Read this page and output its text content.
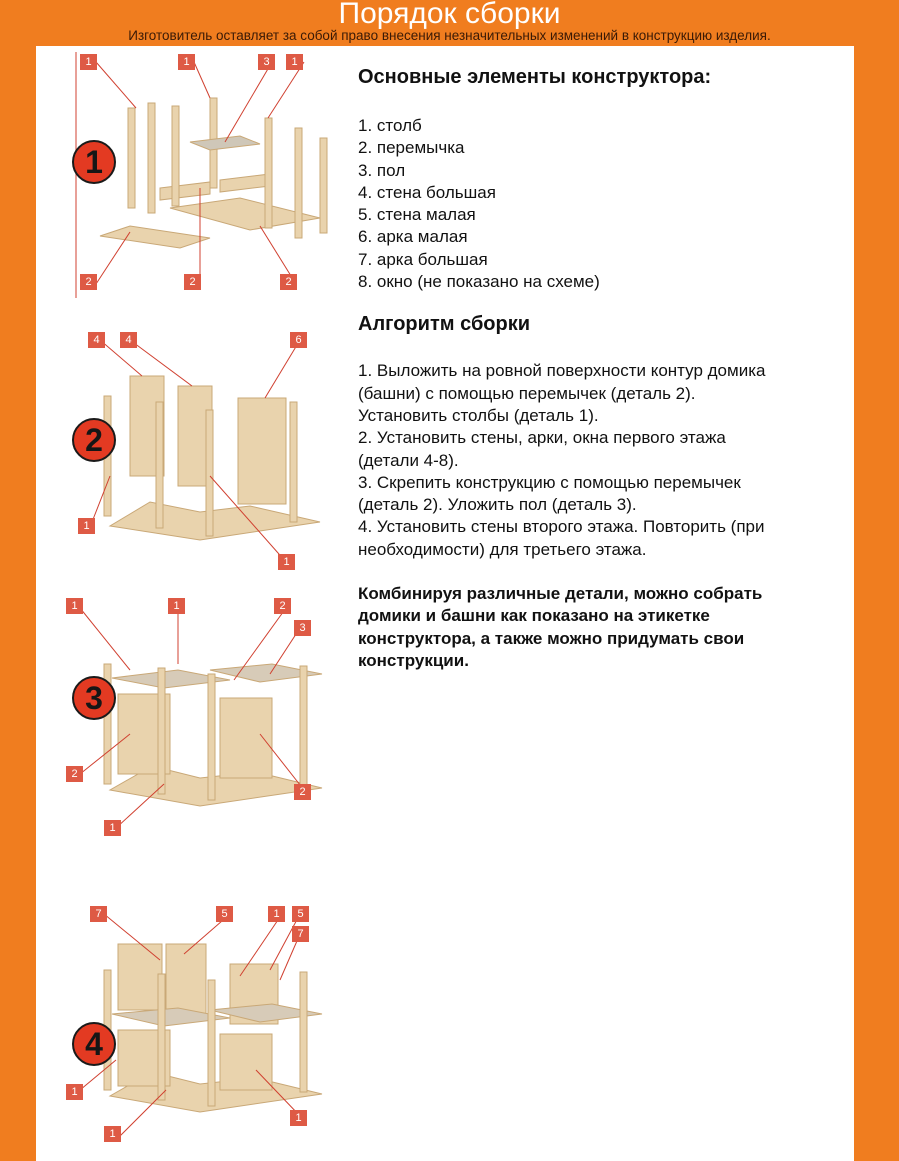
Порядок сборки
Изготовитель оставляет за собой право внесения незначительных изменений в конструкцию изделия.
1	1	3	1
2	2	2
1
4	4	6
1
1
2
1	1	2
3
2
2
1
3
7	5	1	5
7
1
1
1
4
Основные элементы конструктора:
1. столб
2. перемычка
3. пол
4. стена большая
5. стена малая
6. арка малая
7. арка большая
8. окно (не показано на схеме)
Алгоритм сборки

1. Выложить на ровной поверхности контур домика

(башни) с помощью перемычек (деталь 2).

Установить столбы (деталь 1).

2. Установить стены, арки, окна первого этажа

(детали 4-8).

3. Скрепить конструкцию с помощью перемычек

(деталь 2). Уложить пол (деталь 3).

4. Установить стены второго этажа. Повторить (при

необходимости) для третьего этажа.

Комбинируя различные детали, можно собрать

домики и башни как показано на этикетке

конструктора, а также можно придумать свои

конструкции.
